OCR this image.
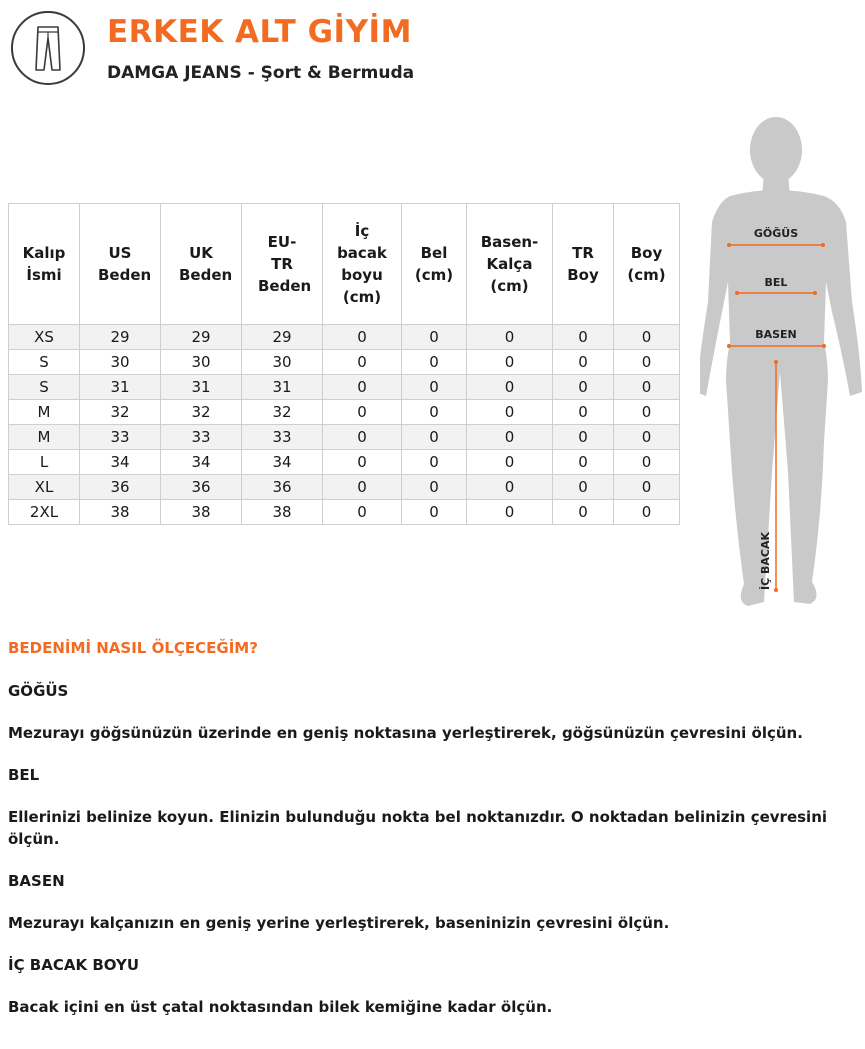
ERKEK ALT GİYİM
DAMGA JEANS - Şort & Bermuda
Kalıp İsmi	US Beden	UK Beden	EU-TR Beden	İç bacak boyu (cm)	Bel (cm)	Basen-Kalça (cm)	TR Boy	Boy (cm)
XS	29	29	29	0	0	0	0	0
S	30	30	30	0	0	0	0	0
S	31	31	31	0	0	0	0	0
M	32	32	32	0	0	0	0	0
M	33	33	33	0	0	0	0	0
L	34	34	34	0	0	0	0	0
XL	36	36	36	0	0	0	0	0
2XL	38	38	38	0	0	0	0	0
GÖĞÜS
BEL
BASEN
İÇ BACAK
BEDENİMİ NASIL ÖLÇECEĞİM?
GÖĞÜS

Mezurayı göğsünüzün üzerinde en geniş noktasına yerleştirerek, göğsünüzün çevresini ölçün.

BEL

Ellerinizi belinize koyun. Elinizin bulunduğu nokta bel noktanızdır. O noktadan belinizin çevresini ölçün.

BASEN

Mezurayı kalçanızın en geniş yerine yerleştirerek, baseninizin çevresini ölçün.

İÇ BACAK BOYU

Bacak içini en üst çatal noktasından bilek kemiğine kadar ölçün.
